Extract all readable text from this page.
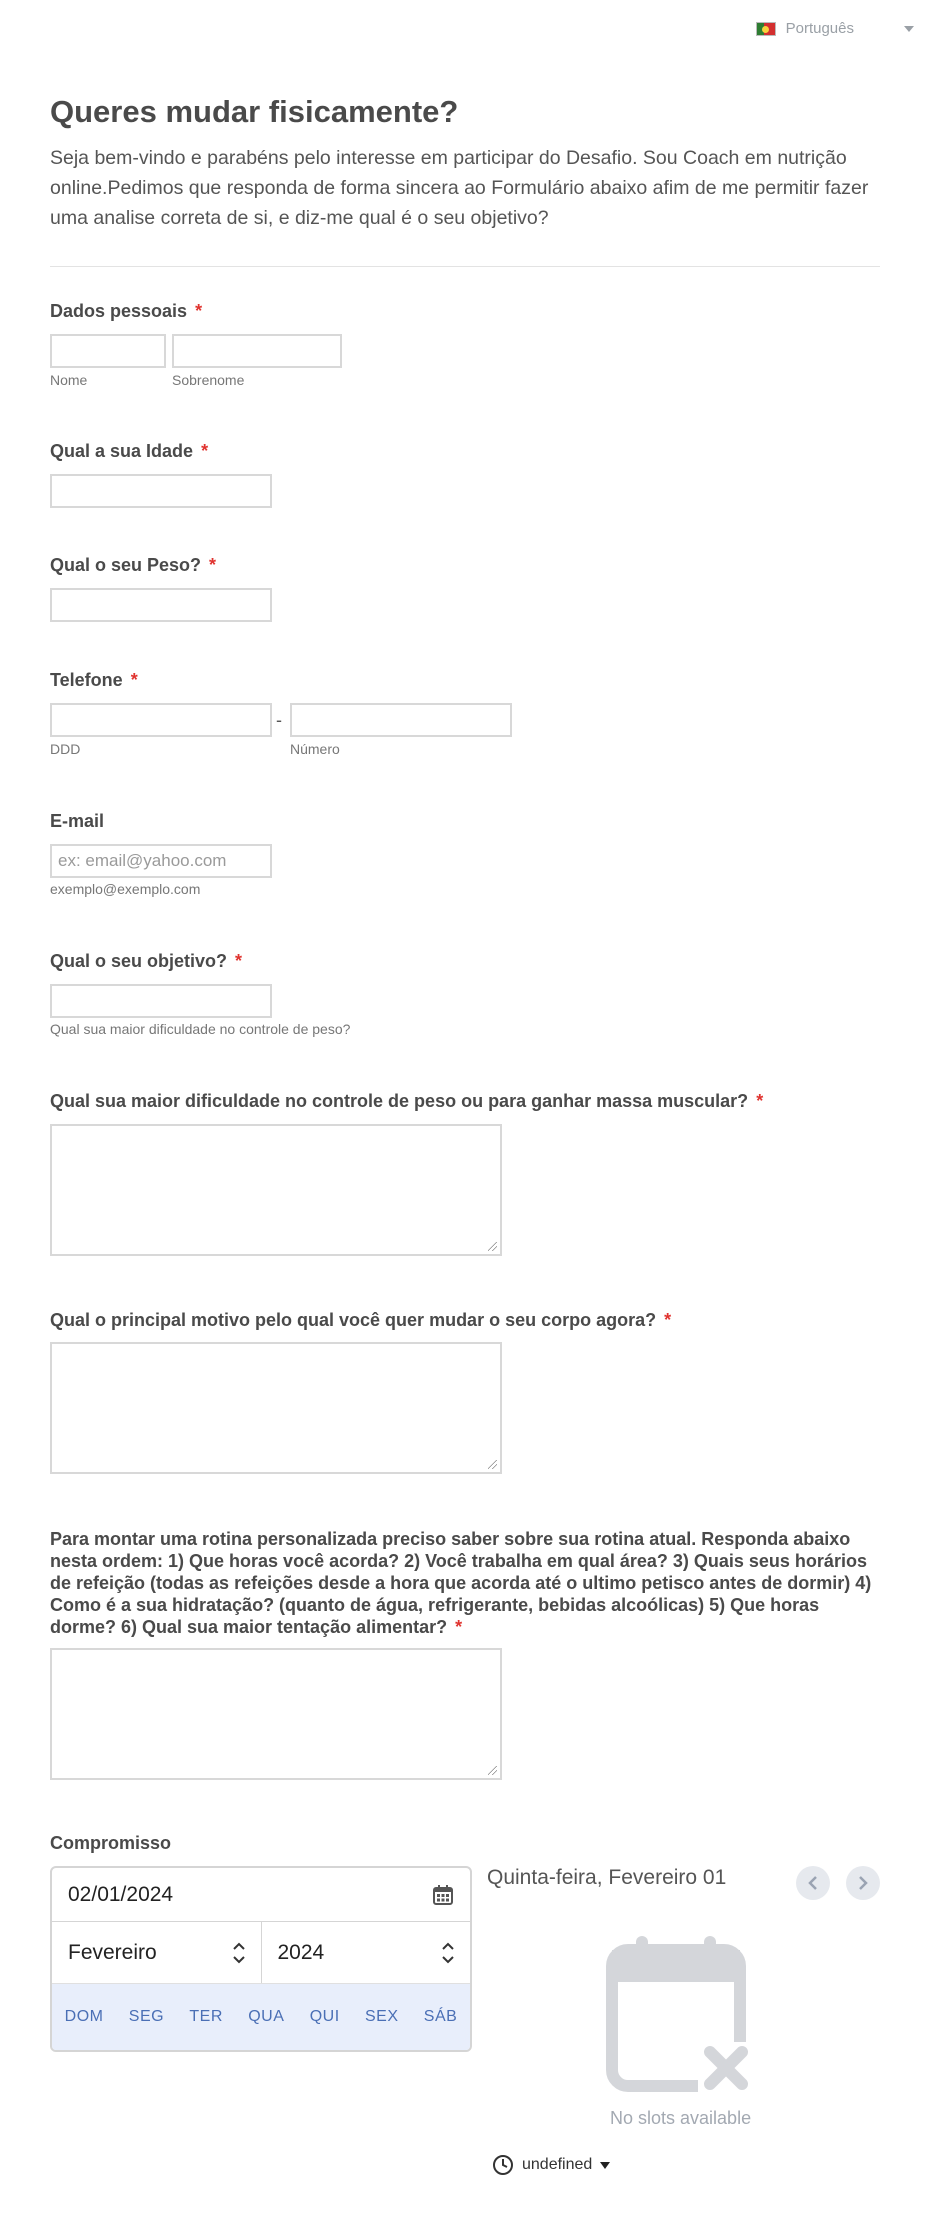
Português
Queres mudar fisicamente?

Seja bem-vindo e parabéns pelo interesse em participar do Desafio. Sou Coach em nutrição online.Pedimos que responda de forma sincera ao Formulário abaixo afim de me permitir fazer uma analise correta de si, e diz-me qual é o seu objetivo?

Dados pessoais *
Nome	Sobrenome
Qual a sua Idade *
Qual o seu Peso? *
Telefone *
-
DDD	Número
E-mail
ex: email@yahoo.com
exemplo@exemplo.com
Qual o seu objetivo? *
Qual sua maior dificuldade no controle de peso?
Qual sua maior dificuldade no controle de peso ou para ganhar massa muscular? *
Qual o principal motivo pelo qual você quer mudar o seu corpo agora? *
Para montar uma rotina personalizada preciso saber sobre sua rotina atual. Responda abaixo nesta ordem: 1) Que horas você acorda? 2) Você trabalha em qual área? 3) Quais seus horários de refeição (todas as refeições desde a hora que acorda até o ultimo petisco antes de dormir) 4) Como é a sua hidratação? (quanto de água, refrigerante, bebidas alcoólicas) 5) Que horas dorme? 6) Qual sua maior tentação alimentar? *
Compromisso
02/01/2024
Fevereiro	2024
DOM SEG TER QUA QUI SEX SÁB
Quinta-feira, Fevereiro 01
No slots available
undefined
